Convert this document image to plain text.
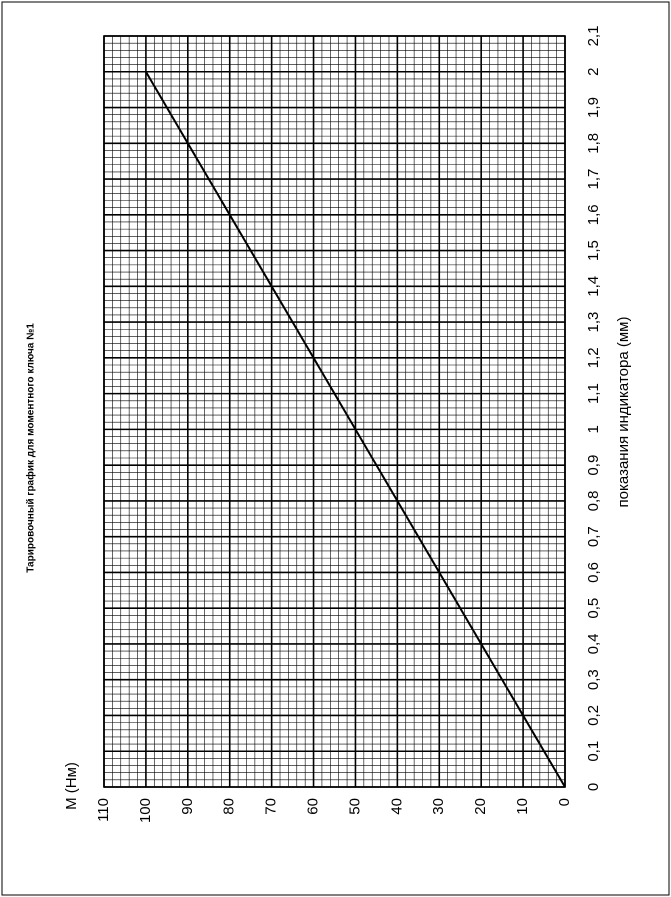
0
0,1
0,2
0,3
0,4
0,5
0,6
0,7
0,8
0,9
1
1,1
1,2
1,3
1,4
1,5
1,6
1,7
1,8
1,9
2
2,1
0
10
20
30
40
50
60
70
80
90
100
110
Тарировочный график для моментного ключа №1	показания индикатора (мм)
М (Нм)
